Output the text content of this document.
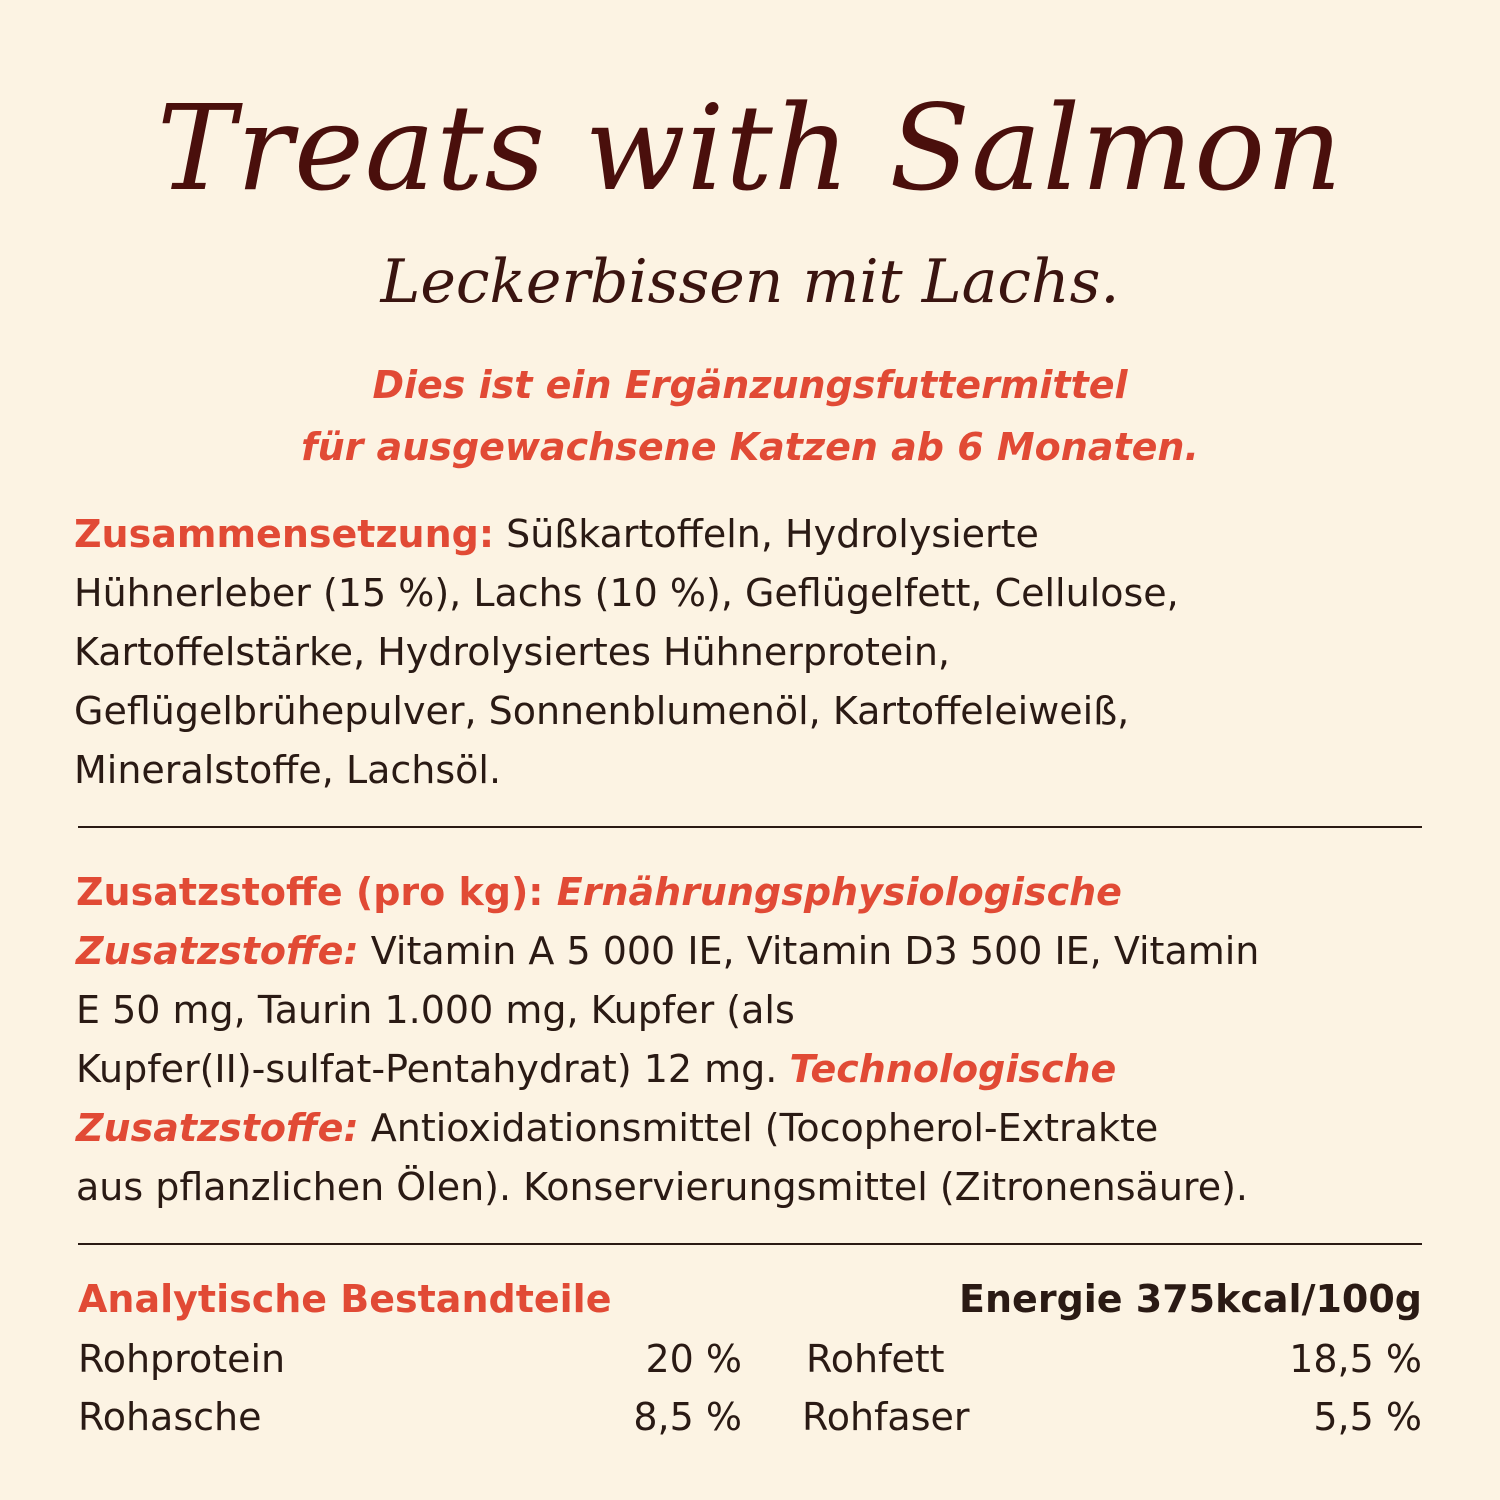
Treats with Salmon
Leckerbissen mit Lachs.
Dies ist ein Ergänzungsfuttermittel
für ausgewachsene Katzen ab 6 Monaten.
Zusammensetzung: Süßkartoffeln, Hydrolysierte
Hühnerleber (15 %), Lachs (10 %), Geflügelfett, Cellulose,
Kartoffelstärke, Hydrolysiertes Hühnerprotein,
Geflügelbrühepulver, Sonnenblumenöl, Kartoffeleiweiß,
Mineralstoffe, Lachsöl.
Zusatzstoffe (pro kg): Ernährungsphysiologische
Zusatzstoffe: Vitamin A 5 000 IE, Vitamin D3 500 IE, Vitamin
E 50 mg, Taurin 1.000 mg, Kupfer (als
Kupfer(II)-sulfat-Pentahydrat) 12 mg. Technologische
Zusatzstoffe: Antioxidationsmittel (Tocopherol-Extrakte
aus pflanzlichen Ölen). Konservierungsmittel (Zitronensäure).
Analytische Bestandteile	Energie 375kcal/100g
Rohprotein	20 % Rohfett	18,5 %
Rohasche	8,5 % Rohfaser	5,5 %
